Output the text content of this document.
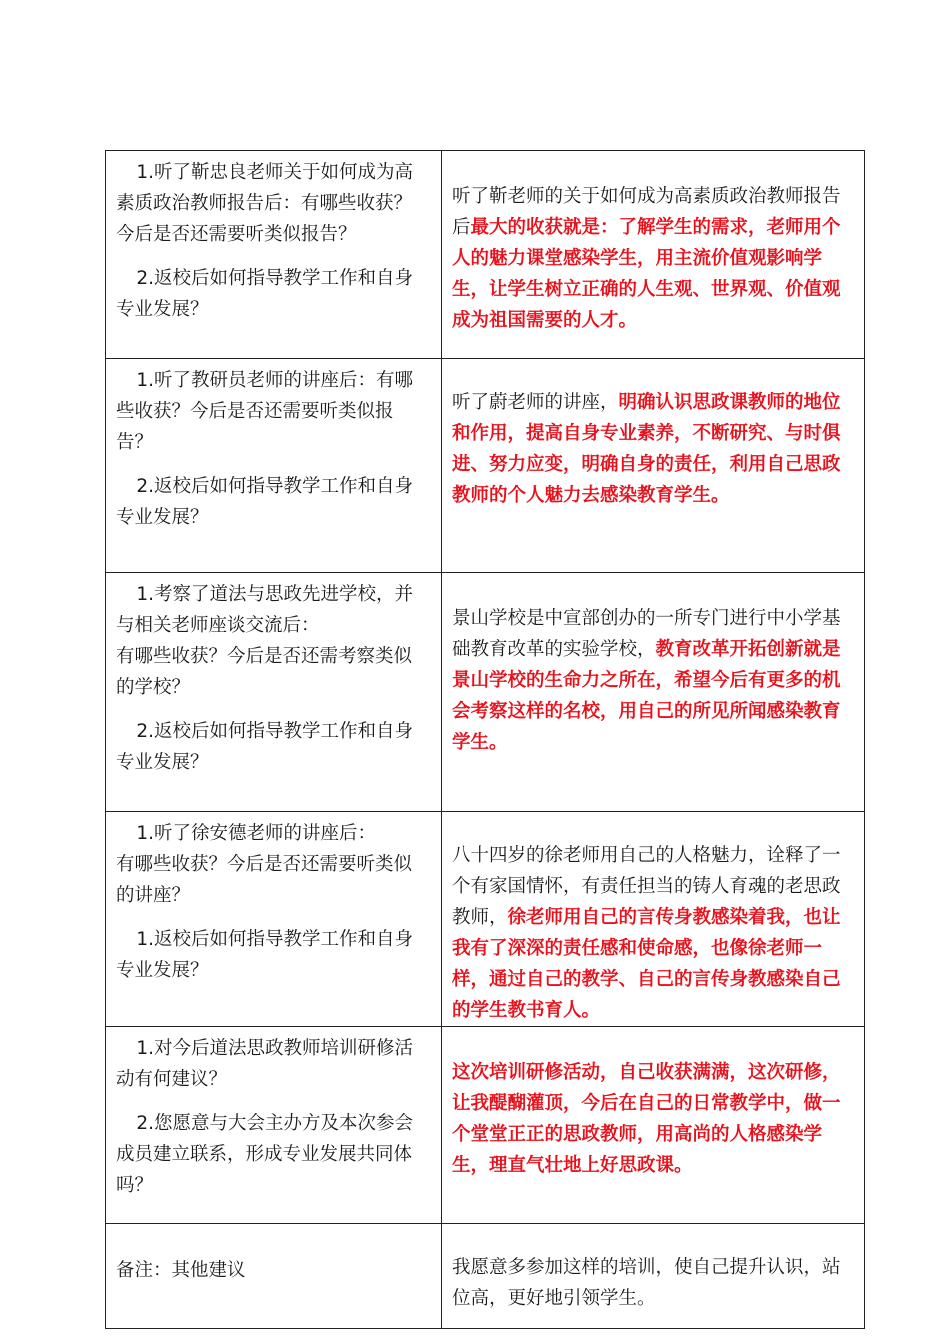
1.听了靳忠良老师关于如何成为高素质政治教师报告后：有哪些收获？今后是否还需要听类似报告？

2.返校后如何指导教学工作和自身专业发展？	听了靳老师的关于如何成为高素质政治教师报告后最大的收获就是：了解学生的需求，老师用个人的魅力课堂感染学生，用主流价值观影响学生，让学生树立正确的人生观、世界观、价值观成为祖国需要的人才。

1.听了教研员老师的讲座后：有哪些收获？今后是否还需要听类似报告？

2.返校后如何指导教学工作和自身专业发展？	听了蔚老师的讲座，明确认识思政课教师的地位和作用，提高自身专业素养，不断研究、与时俱进、努力应变，明确自身的责任，利用自己思政教师的个人魅力去感染教育学生。

1.考察了道法与思政先进学校，并与相关老师座谈交流后：

有哪些收获？今后是否还需考察类似的学校？

2.返校后如何指导教学工作和自身专业发展？	景山学校是中宣部创办的一所专门进行中小学基础教育改革的实验学校，教育改革开拓创新就是景山学校的生命力之所在，希望今后有更多的机会考察这样的名校，用自己的所见所闻感染教育学生。

1.听了徐安德老师的讲座后：

有哪些收获？今后是否还需要听类似的讲座？

1.返校后如何指导教学工作和自身专业发展？	八十四岁的徐老师用自己的人格魅力，诠释了一个有家国情怀，有责任担当的铸人育魂的老思政教师，徐老师用自己的言传身教感染着我，也让我有了深深的责任感和使命感，也像徐老师一样，通过自己的教学、自己的言传身教感染自己的学生教书育人。

1.对今后道法思政教师培训研修活动有何建议？

2.您愿意与大会主办方及本次参会成员建立联系，形成专业发展共同体吗？	这次培训研修活动，自己收获满满，这次研修，让我醍醐灌顶，今后在自己的日常教学中，做一个堂堂正正的思政教师，用高尚的人格感染学生，理直气壮地上好思政课。

备注：其他建议	我愿意多参加这样的培训，使自己提升认识，站位高，更好地引领学生。
